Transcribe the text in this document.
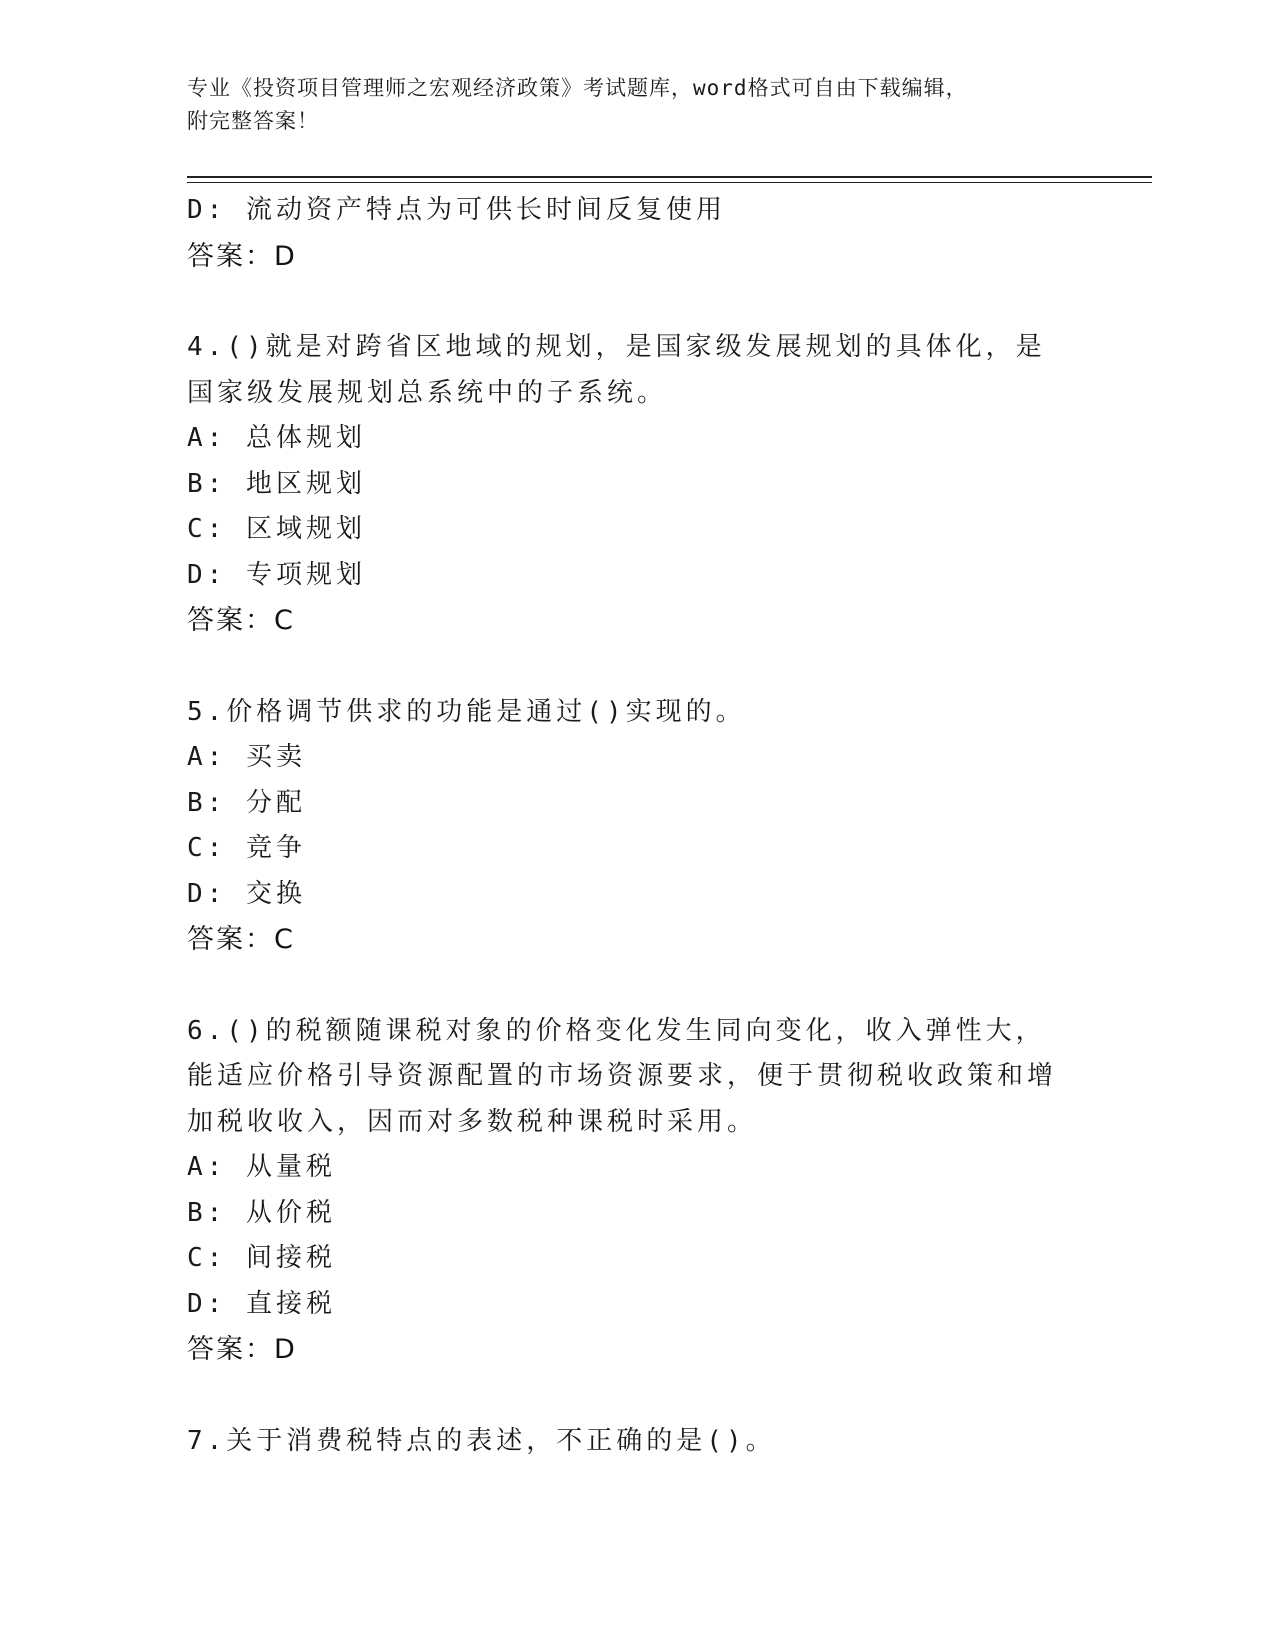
专业《投资项目管理师之宏观经济政策》考试题库，word格式可自由下载编辑，
附完整答案！
D: 流动资产特点为可供长时间反复使用
答案：D
4.()就是对跨省区地域的规划，是国家级发展规划的具体化，是国家级发展规划总系统中的子系统。
A: 总体规划
B: 地区规划
C: 区域规划
D: 专项规划
答案：C
5.价格调节供求的功能是通过()实现的。
A: 买卖
B: 分配
C: 竞争
D: 交换
答案：C
6.()的税额随课税对象的价格变化发生同向变化，收入弹性大，能适应价格引导资源配置的市场资源要求，便于贯彻税收政策和增加税收收入，因而对多数税种课税时采用。
A: 从量税
B: 从价税
C: 间接税
D: 直接税
答案：D
7.关于消费税特点的表述，不正确的是()。
